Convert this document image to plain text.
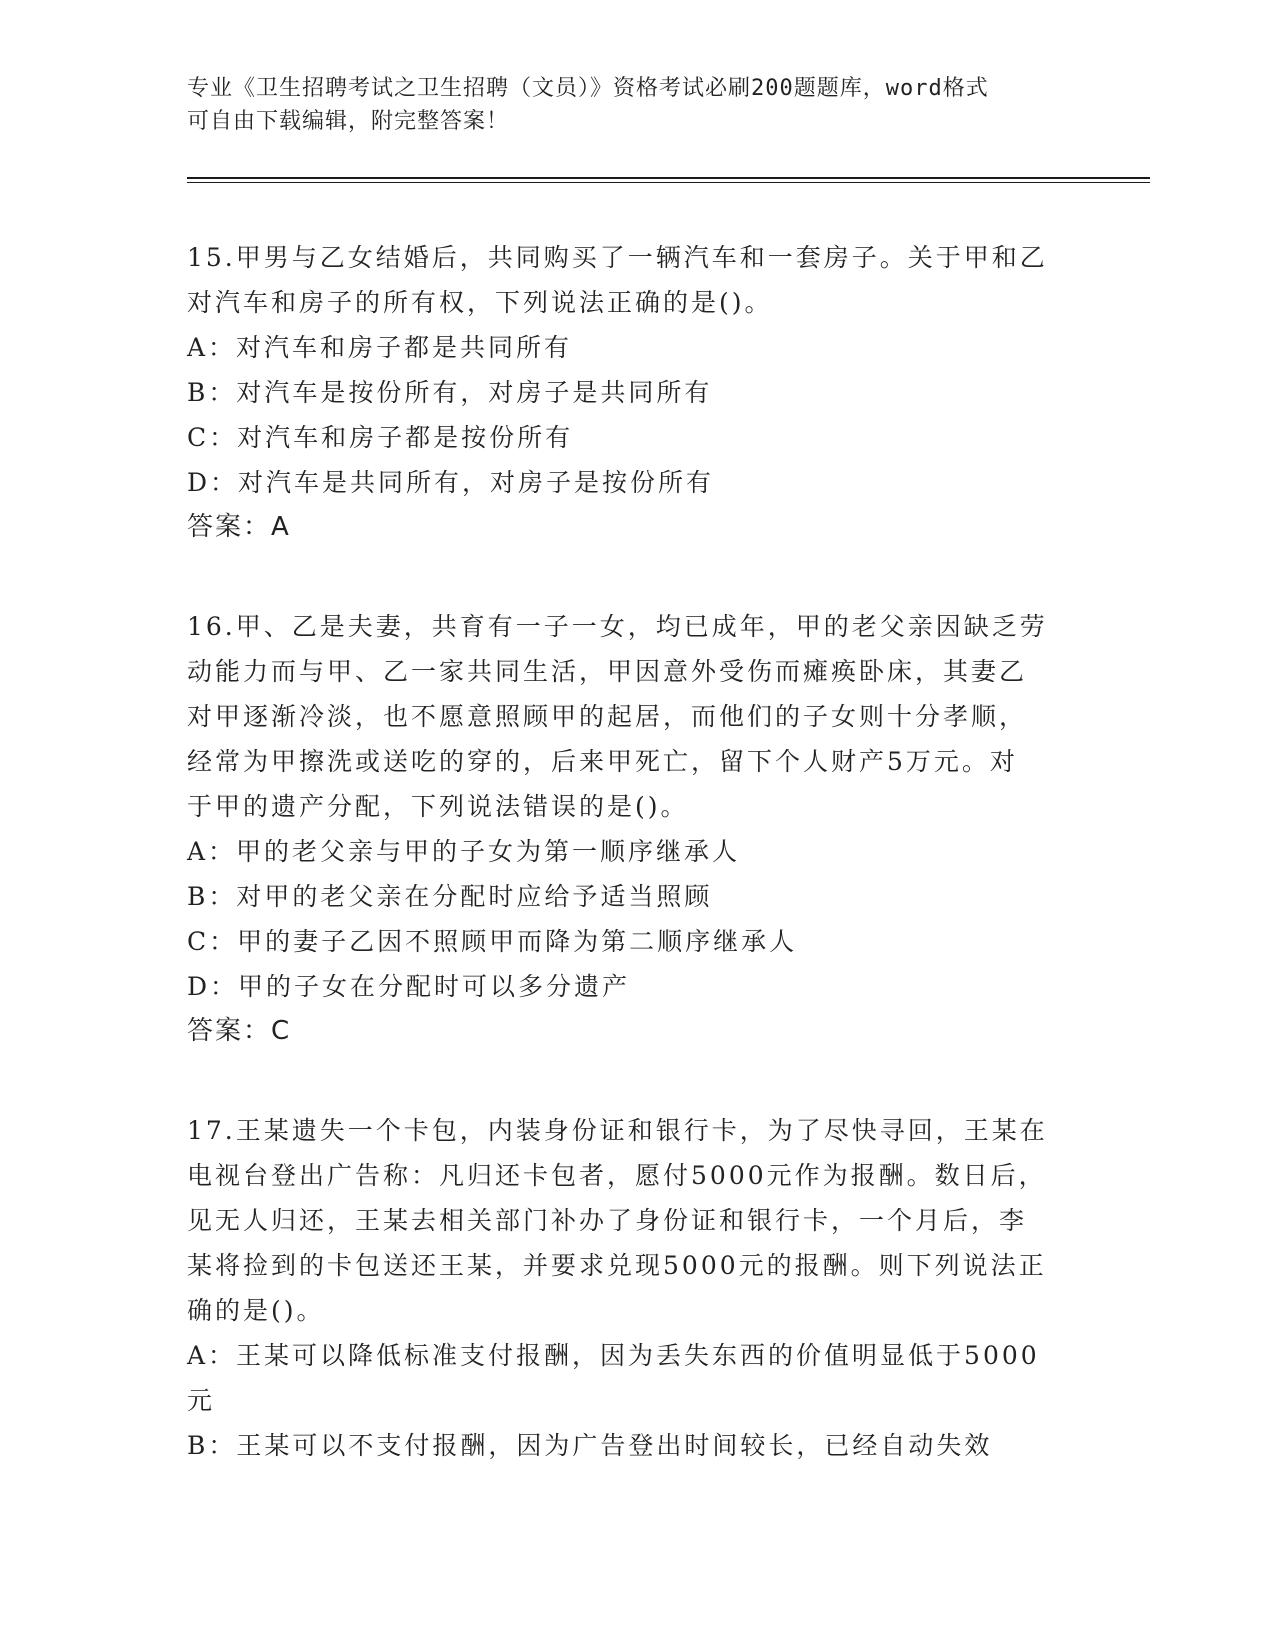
专业《卫生招聘考试之卫生招聘（文员）》资格考试必刷200题题库，word格式
可自由下载编辑，附完整答案！
15.甲男与乙女结婚后，共同购买了一辆汽车和一套房子。关于甲和乙
对汽车和房子的所有权，下列说法正确的是()。
A：对汽车和房子都是共同所有
B：对汽车是按份所有，对房子是共同所有
C：对汽车和房子都是按份所有
D：对汽车是共同所有，对房子是按份所有
答案：A
16.甲、乙是夫妻，共育有一子一女，均已成年，甲的老父亲因缺乏劳
动能力而与甲、乙一家共同生活，甲因意外受伤而瘫痪卧床，其妻乙
对甲逐渐冷淡，也不愿意照顾甲的起居，而他们的子女则十分孝顺，
经常为甲擦洗或送吃的穿的，后来甲死亡，留下个人财产5万元。对
于甲的遗产分配，下列说法错误的是()。
A：甲的老父亲与甲的子女为第一顺序继承人
B：对甲的老父亲在分配时应给予适当照顾
C：甲的妻子乙因不照顾甲而降为第二顺序继承人
D：甲的子女在分配时可以多分遗产
答案：C
17.王某遗失一个卡包，内装身份证和银行卡，为了尽快寻回，王某在
电视台登出广告称：凡归还卡包者，愿付5000元作为报酬。数日后，
见无人归还，王某去相关部门补办了身份证和银行卡，一个月后，李
某将捡到的卡包送还王某，并要求兑现5000元的报酬。则下列说法正
确的是()。
A：王某可以降低标准支付报酬，因为丢失东西的价值明显低于5000
元
B：王某可以不支付报酬，因为广告登出时间较长，已经自动失效
